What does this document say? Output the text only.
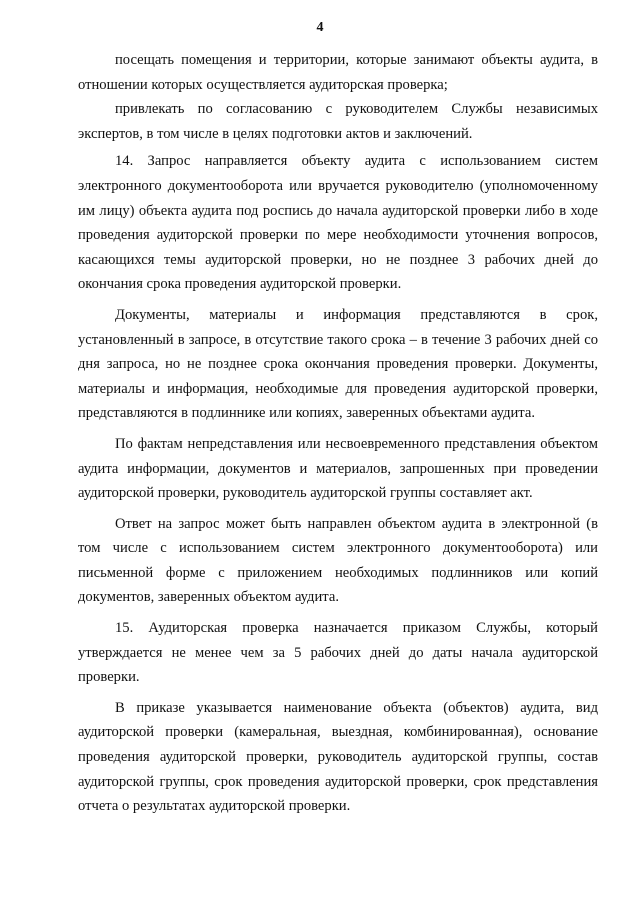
4

посещать помещения и территории, которые занимают объекты аудита, в отношении которых осуществляется аудиторская проверка;

привлекать по согласованию с руководителем Службы независимых экспертов, в том числе в целях подготовки актов и заключений.

14. Запрос направляется объекту аудита с использованием систем электронного документооборота или вручается руководителю (уполномоченному им лицу) объекта аудита под роспись до начала аудиторской проверки либо в ходе проведения аудиторской проверки по мере необходимости уточнения вопросов, касающихся темы аудиторской проверки, но не позднее 3 рабочих дней до окончания срока проведения аудиторской проверки.

Документы, материалы и информация представляются в срок, установленный в запросе, в отсутствие такого срока – в течение 3 рабочих дней со дня запроса, но не позднее срока окончания проведения проверки. Документы, материалы и информация, необходимые для проведения аудиторской проверки, представляются в подлиннике или копиях, заверенных объектами аудита.

По фактам непредставления или несвоевременного представления объектом аудита информации, документов и материалов, запрошенных при проведении аудиторской проверки, руководитель аудиторской группы составляет акт.

Ответ на запрос может быть направлен объектом аудита в электронной (в том числе с использованием систем электронного документооборота) или письменной форме с приложением необходимых подлинников или копий документов, заверенных объектом аудита.

15. Аудиторская проверка назначается приказом Службы, который утверждается не менее чем за 5 рабочих дней до даты начала аудиторской проверки.

В приказе указывается наименование объекта (объектов) аудита, вид аудиторской проверки (камеральная, выездная, комбинированная), основание проведения аудиторской проверки, руководитель аудиторской группы, состав аудиторской группы, срок проведения аудиторской проверки, срок представления отчета о результатах аудиторской проверки.
